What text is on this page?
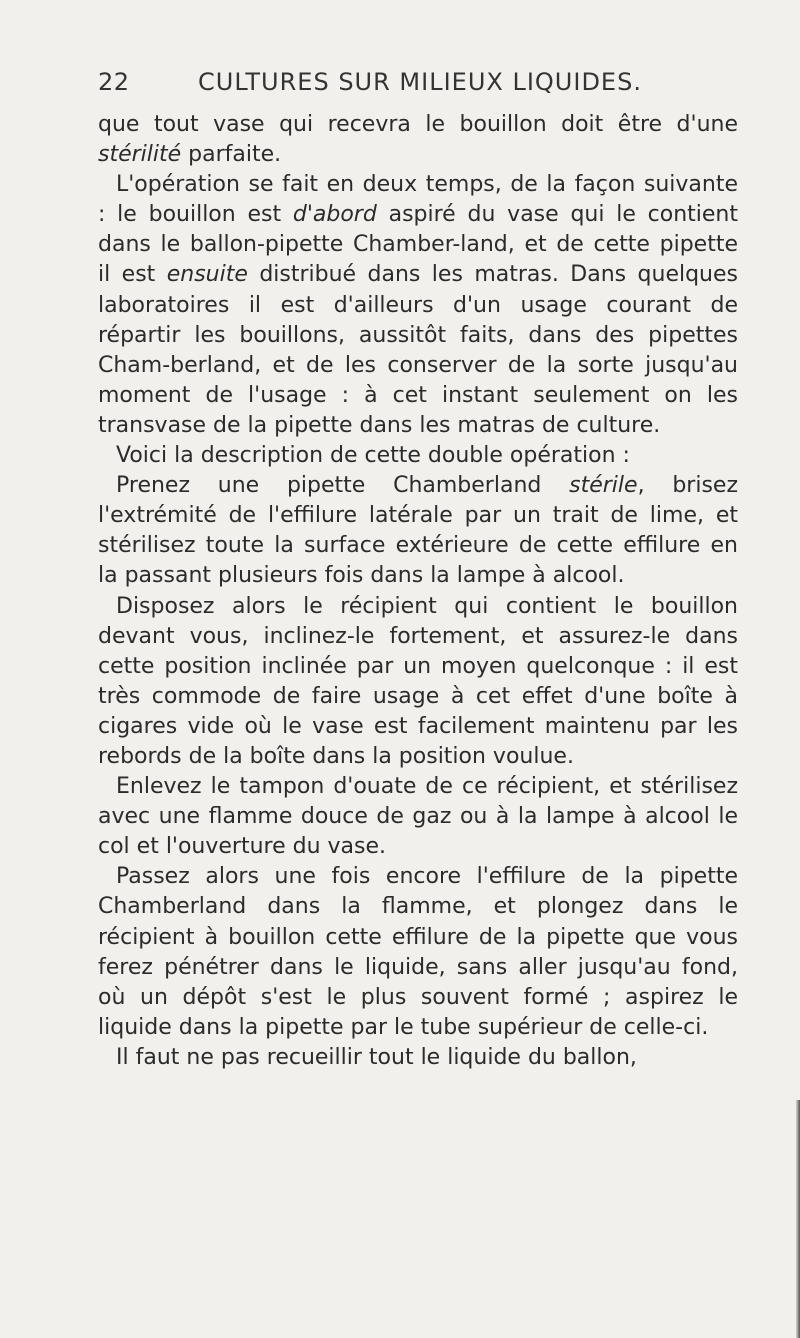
22	CULTURES SUR MILIEUX LIQUIDES.

que tout vase qui recevra le bouillon doit être d'une stérilité parfaite.

L'opération se fait en deux temps, de la façon suivante : le bouillon est d'abord aspiré du vase qui le contient dans le ballon-pipette Chamber-land, et de cette pipette il est ensuite distribué dans les matras. Dans quelques laboratoires il est d'ailleurs d'un usage courant de répartir les bouillons, aussitôt faits, dans des pipettes Cham-berland, et de les conserver de la sorte jusqu'au moment de l'usage : à cet instant seulement on les transvase de la pipette dans les matras de culture.

Voici la description de cette double opération :

Prenez une pipette Chamberland stérile, brisez l'extrémité de l'effilure latérale par un trait de lime, et stérilisez toute la surface extérieure de cette effilure en la passant plusieurs fois dans la lampe à alcool.

Disposez alors le récipient qui contient le bouillon devant vous, inclinez-le fortement, et assurez-le dans cette position inclinée par un moyen quelconque : il est très commode de faire usage à cet effet d'une boîte à cigares vide où le vase est facilement maintenu par les rebords de la boîte dans la position voulue.

Enlevez le tampon d'ouate de ce récipient, et stérilisez avec une flamme douce de gaz ou à la lampe à alcool le col et l'ouverture du vase.

Passez alors une fois encore l'effilure de la pipette Chamberland dans la flamme, et plongez dans le récipient à bouillon cette effilure de la pipette que vous ferez pénétrer dans le liquide, sans aller jusqu'au fond, où un dépôt s'est le plus souvent formé ; aspirez le liquide dans la pipette par le tube supérieur de celle-ci.

Il faut ne pas recueillir tout le liquide du ballon,
